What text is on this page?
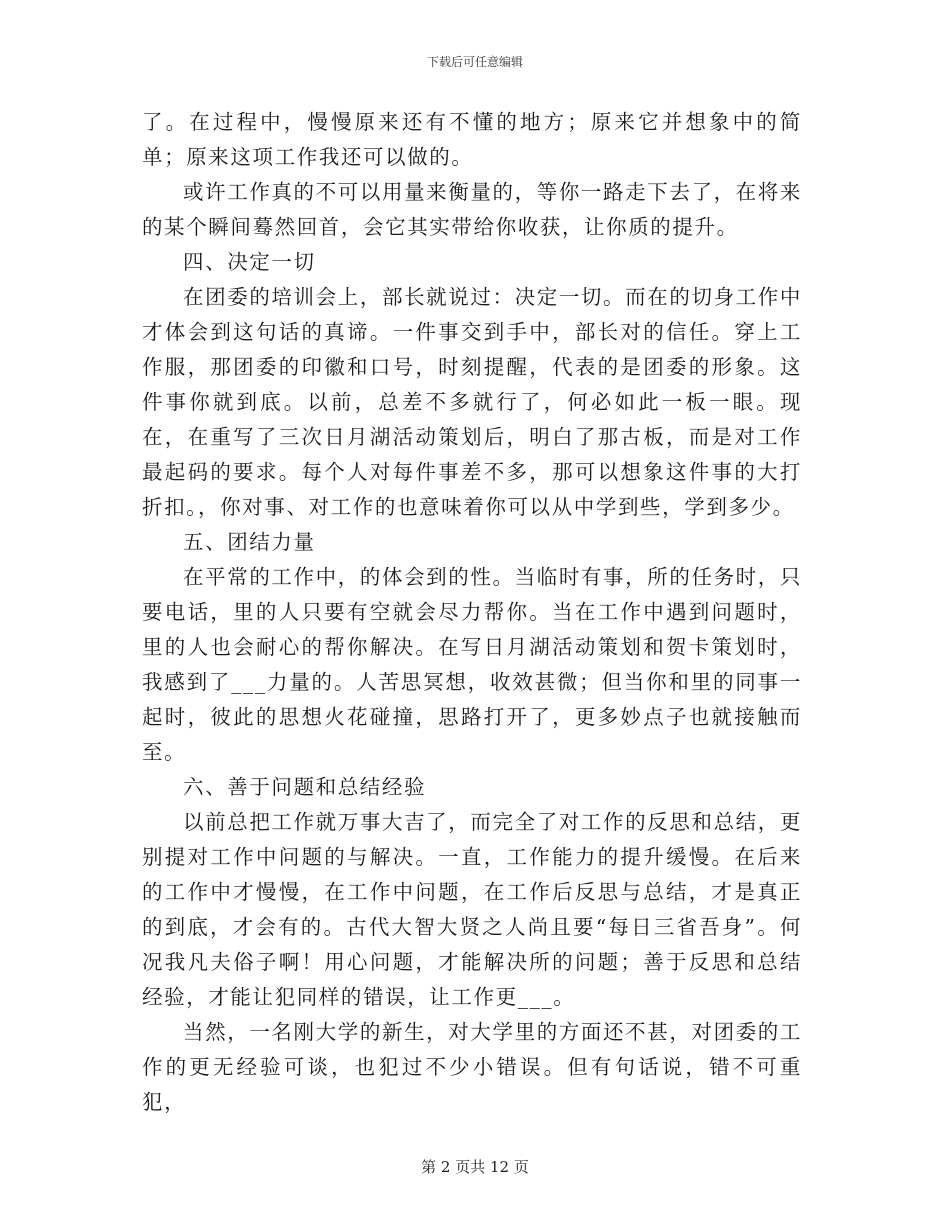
下载后可任意编辑

了。在过程中，慢慢原来还有不懂的地方；原来它并想象中的简单；原来这项工作我还可以做的。

或许工作真的不可以用量来衡量的，等你一路走下去了，在将来的某个瞬间蓦然回首，会它其实带给你收获，让你质的提升。

四、决定一切

在团委的培训会上，部长就说过：决定一切。而在的切身工作中才体会到这句话的真谛。一件事交到手中，部长对的信任。穿上工作服，那团委的印徽和口号，时刻提醒，代表的是团委的形象。这件事你就到底。以前，总差不多就行了，何必如此一板一眼。现在，在重写了三次日月湖活动策划后，明白了那古板，而是对工作最起码的要求。每个人对每件事差不多，那可以想象这件事的大打折扣。，你对事、对工作的也意味着你可以从中学到些，学到多少。

五、团结力量

在平常的工作中，的体会到的性。当临时有事，所的任务时，只要电话，里的人只要有空就会尽力帮你。当在工作中遇到问题时，里的人也会耐心的帮你解决。在写日月湖活动策划和贺卡策划时，我感到了___力量的。人苦思冥想，收效甚微；但当你和里的同事一起时，彼此的思想火花碰撞，思路打开了，更多妙点子也就接触而至。

六、善于问题和总结经验

以前总把工作就万事大吉了，而完全了对工作的反思和总结，更别提对工作中问题的与解决。一直，工作能力的提升缓慢。在后来的工作中才慢慢，在工作中问题，在工作后反思与总结，才是真正的到底，才会有的。古代大智大贤之人尚且要“每日三省吾身”。何况我凡夫俗子啊！用心问题，才能解决所的问题；善于反思和总结经验，才能让犯同样的错误，让工作更___。

当然，一名刚大学的新生，对大学里的方面还不甚，对团委的工作的更无经验可谈，也犯过不少小错误。但有句话说，错不可重犯，

第 2 页共 12 页
